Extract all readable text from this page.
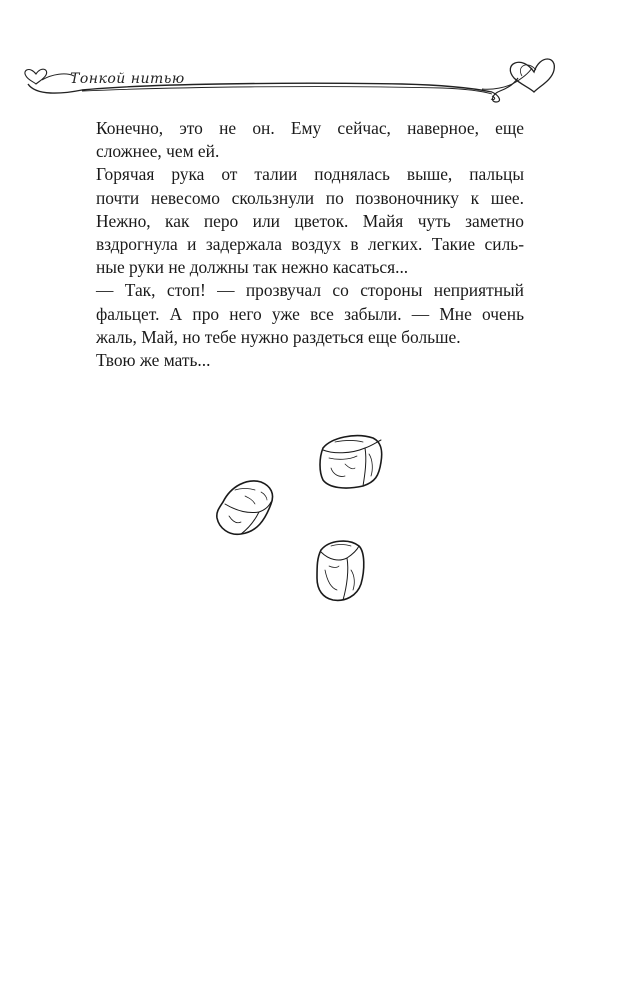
Тонкой нитью
Конечно, это не он. Ему сейчас, наверное, еще
сложнее, чем ей.
Горячая рука от талии поднялась выше, пальцы
почти невесомо скользнули по позвоночнику к шее.
Нежно, как перо или цветок. Майя чуть заметно
вздрогнула и задержала воздух в легких. Такие силь-
ные руки не должны так нежно касаться...
— Так, стоп! — прозвучал со стороны неприятный
фальцет. А про него уже все забыли. — Мне очень
жаль, Май, но тебе нужно раздеться еще больше.
Твою же мать...
